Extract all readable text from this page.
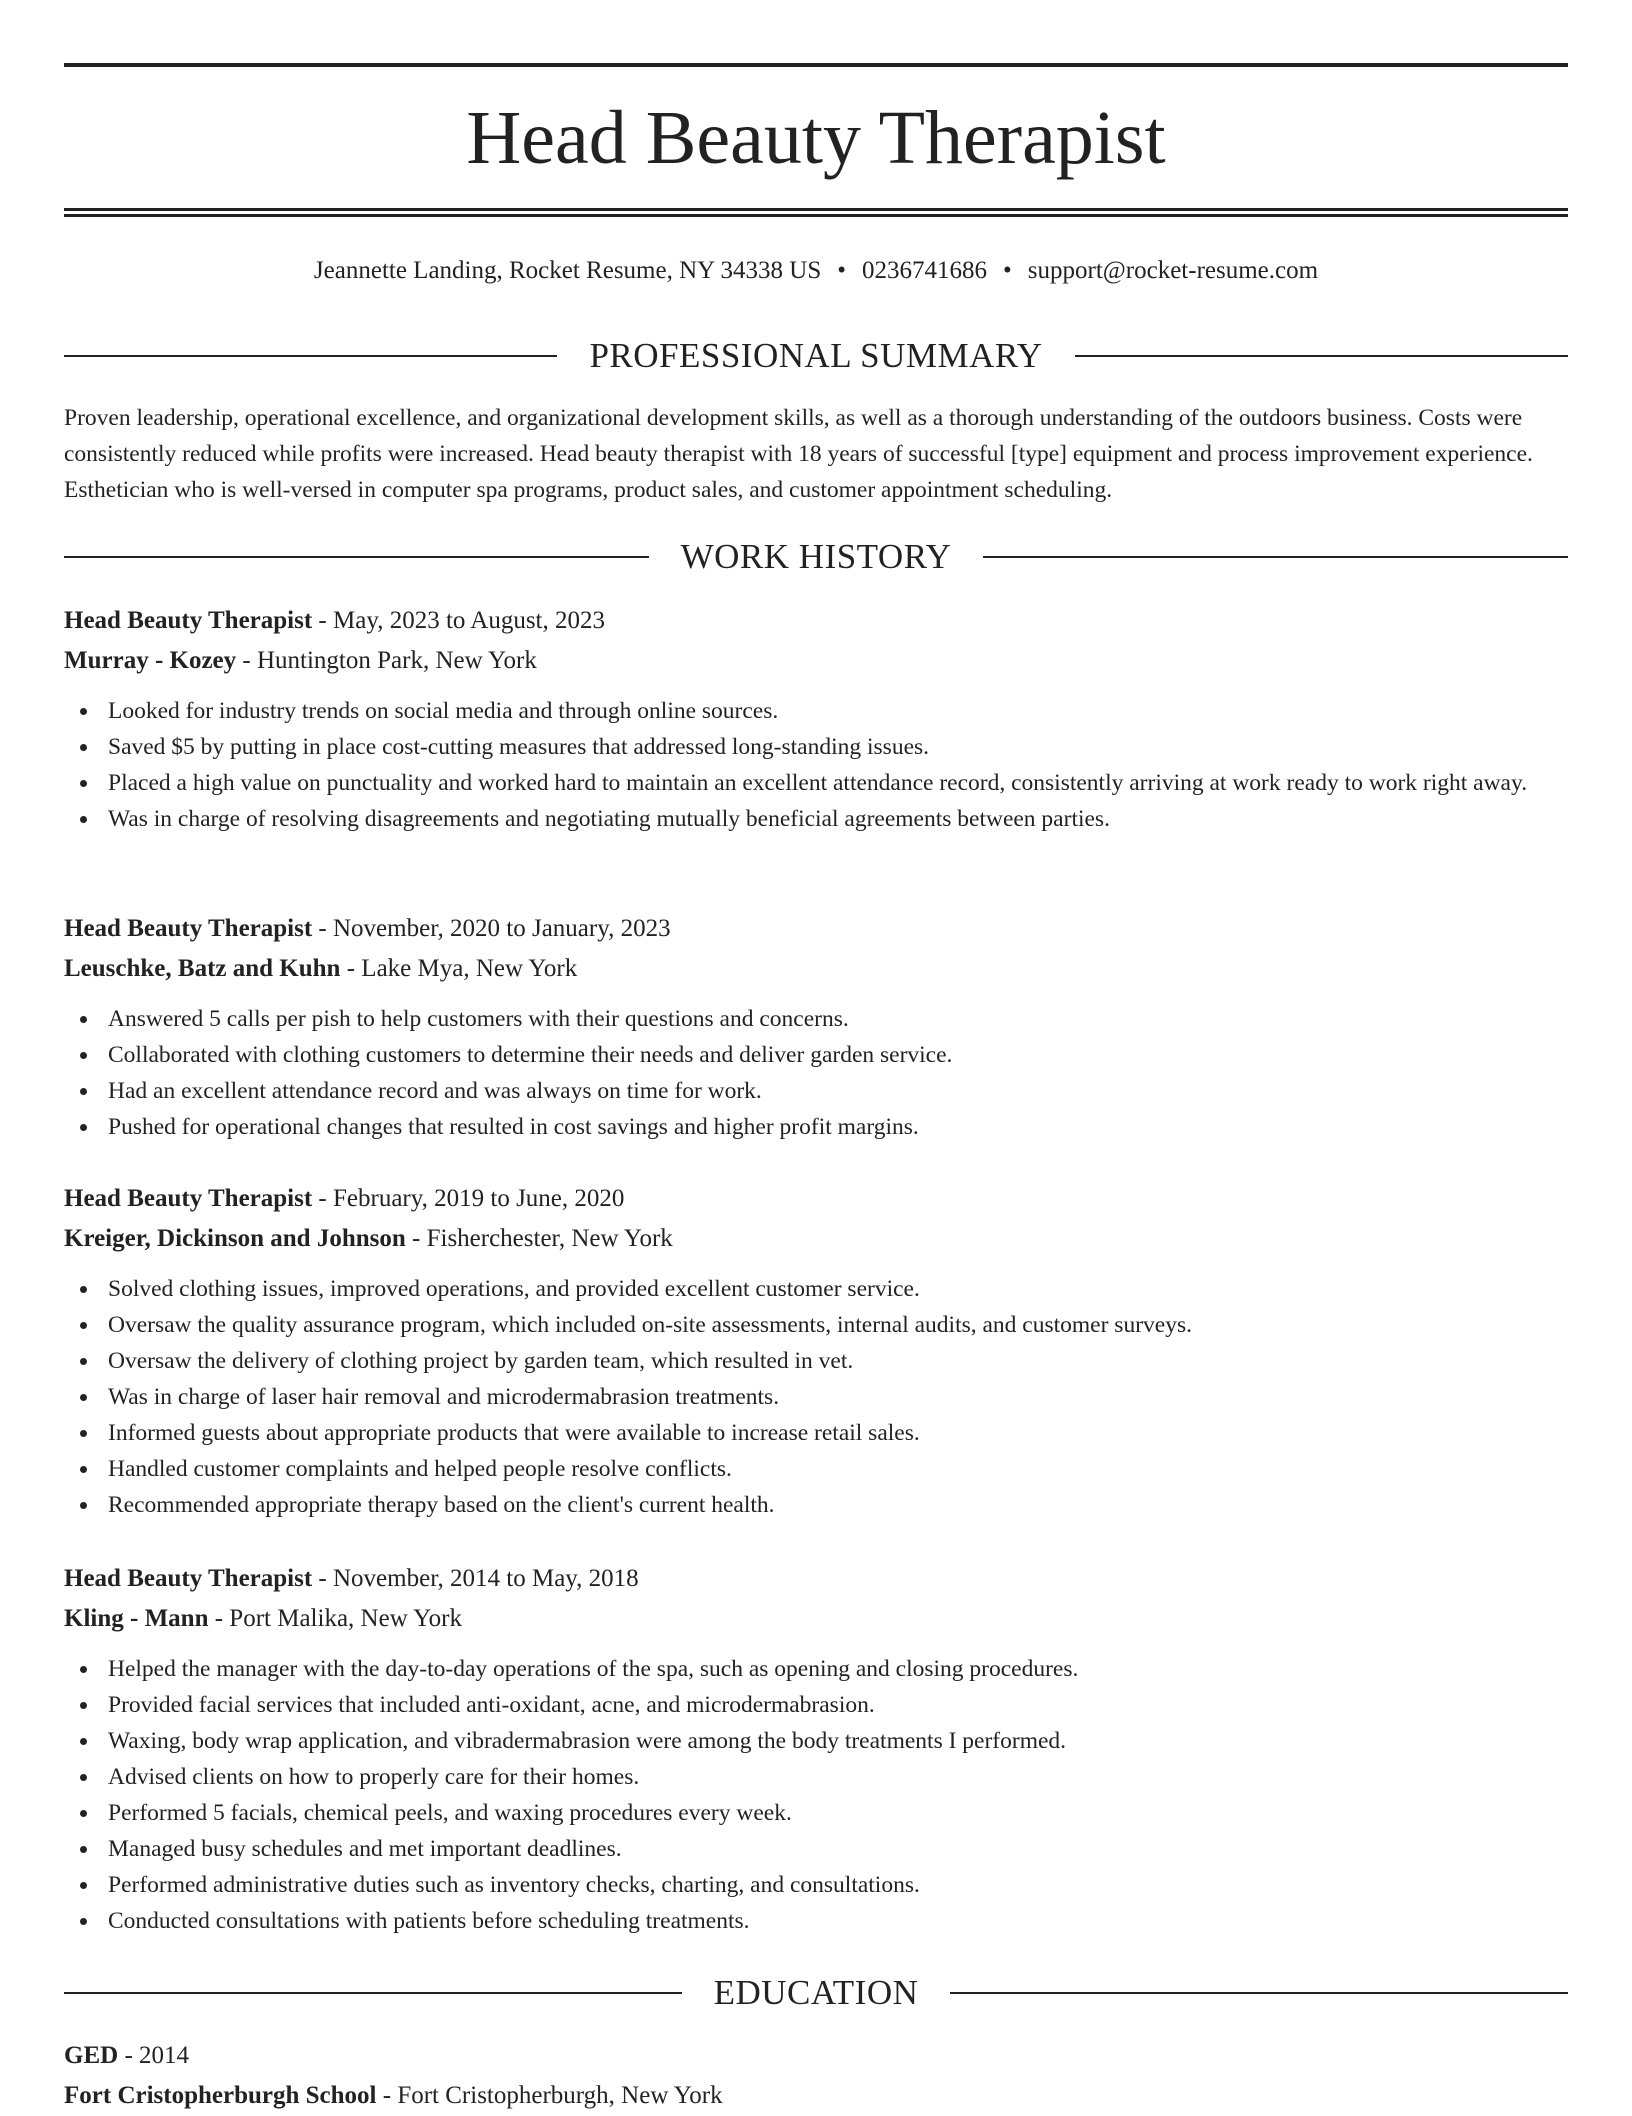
Head Beauty Therapist
Jeannette Landing, Rocket Resume, NY 34338 US • 0236741686 • support@rocket-resume.com
PROFESSIONAL SUMMARY

Proven leadership, operational excellence, and organizational development skills, as well as a thorough understanding of the outdoors business. Costs were consistently reduced while profits were increased. Head beauty therapist with 18 years of successful [type] equipment and process improvement experience. Esthetician who is well-versed in computer spa programs, product sales, and customer appointment scheduling.

WORK HISTORY
Head Beauty Therapist - May, 2023 to August, 2023
Murray - Kozey - Huntington Park, New York
Looked for industry trends on social media and through online sources.
Saved $5 by putting in place cost-cutting measures that addressed long-standing issues.
Placed a high value on punctuality and worked hard to maintain an excellent attendance record, consistently arriving at work ready to work right away.
Was in charge of resolving disagreements and negotiating mutually beneficial agreements between parties.
Head Beauty Therapist - November, 2020 to January, 2023
Leuschke, Batz and Kuhn - Lake Mya, New York
Answered 5 calls per pish to help customers with their questions and concerns.
Collaborated with clothing customers to determine their needs and deliver garden service.
Had an excellent attendance record and was always on time for work.
Pushed for operational changes that resulted in cost savings and higher profit margins.
Head Beauty Therapist - February, 2019 to June, 2020
Kreiger, Dickinson and Johnson - Fisherchester, New York
Solved clothing issues, improved operations, and provided excellent customer service.
Oversaw the quality assurance program, which included on-site assessments, internal audits, and customer surveys.
Oversaw the delivery of clothing project by garden team, which resulted in vet.
Was in charge of laser hair removal and microdermabrasion treatments.
Informed guests about appropriate products that were available to increase retail sales.
Handled customer complaints and helped people resolve conflicts.
Recommended appropriate therapy based on the client's current health.
Head Beauty Therapist - November, 2014 to May, 2018
Kling - Mann - Port Malika, New York
Helped the manager with the day-to-day operations of the spa, such as opening and closing procedures.
Provided facial services that included anti-oxidant, acne, and microdermabrasion.
Waxing, body wrap application, and vibradermabrasion were among the body treatments I performed.
Advised clients on how to properly care for their homes.
Performed 5 facials, chemical peels, and waxing procedures every week.
Managed busy schedules and met important deadlines.
Performed administrative duties such as inventory checks, charting, and consultations.
Conducted consultations with patients before scheduling treatments.
EDUCATION
GED - 2014
Fort Cristopherburgh School - Fort Cristopherburgh, New York
